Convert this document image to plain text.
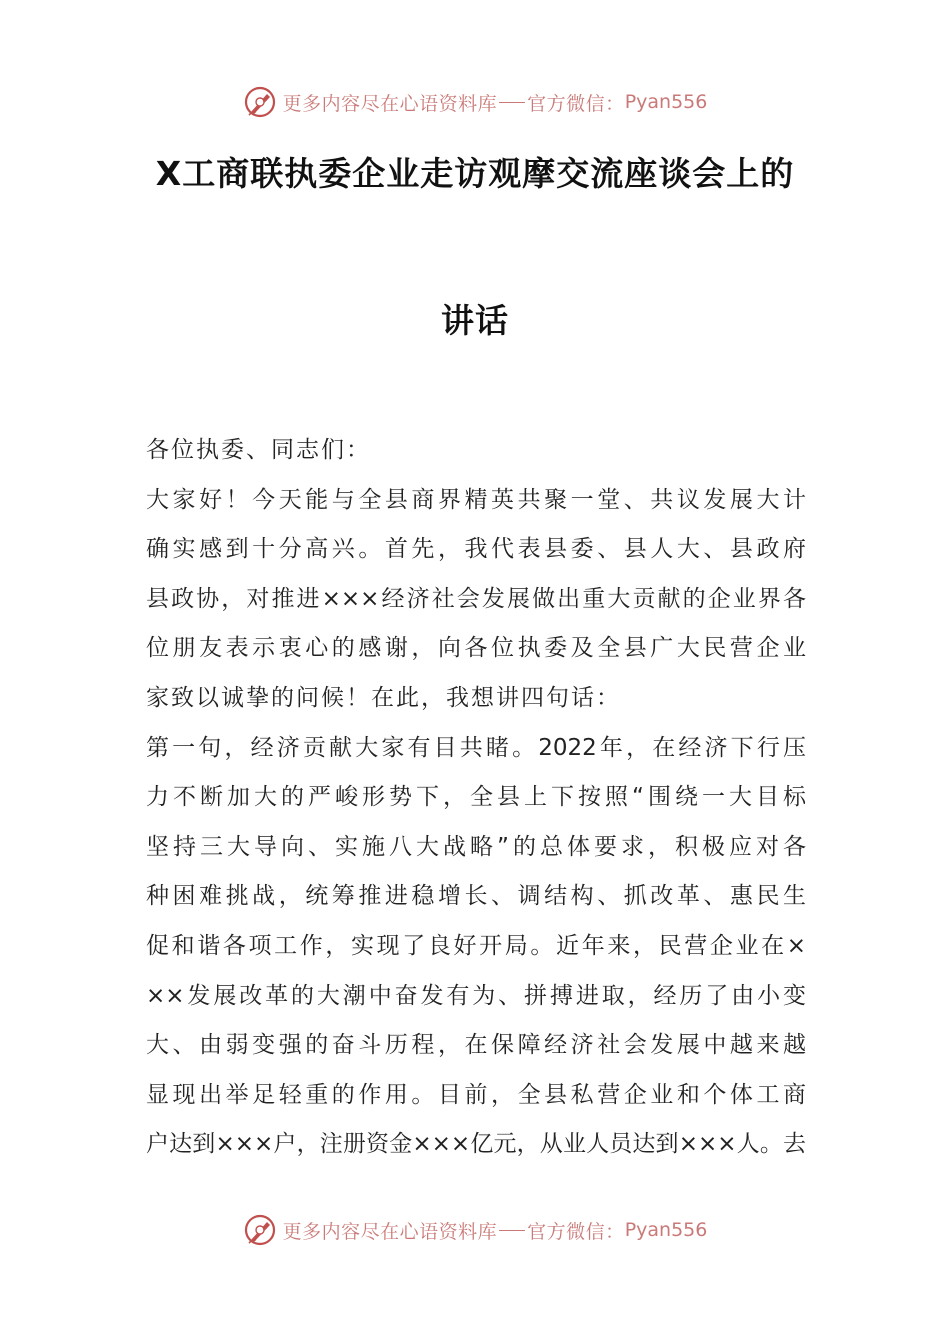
更多内容尽在心语资料库 官方微信： Pyan556
X工商联执委企业走访观摩交流座谈会上的
讲话
各位执委、同志们：
大家好！今天能与全县商界精英共聚一堂、共议发展大计
确实感到十分高兴。首先，我代表县委、县人大、县政府
县政协，对推进×××经济社会发展做出重大贡献的企业界各
位朋友表示衷心的感谢，向各位执委及全县广大民营企业
家致以诚挚的问候！在此，我想讲四句话：
第一句，经济贡献大家有目共睹。2022年，在经济下行压
力不断加大的严峻形势下，全县上下按照“围绕一大目标
坚持三大导向、实施八大战略”的总体要求，积极应对各
种困难挑战，统筹推进稳增长、调结构、抓改革、惠民生
促和谐各项工作，实现了良好开局。近年来，民营企业在×
××发展改革的大潮中奋发有为、拼搏进取，经历了由小变
大、由弱变强的奋斗历程，在保障经济社会发展中越来越
显现出举足轻重的作用。目前，全县私营企业和个体工商
户达到×××户，注册资金×××亿元，从业人员达到×××人。去
更多内容尽在心语资料库 官方微信： Pyan556
